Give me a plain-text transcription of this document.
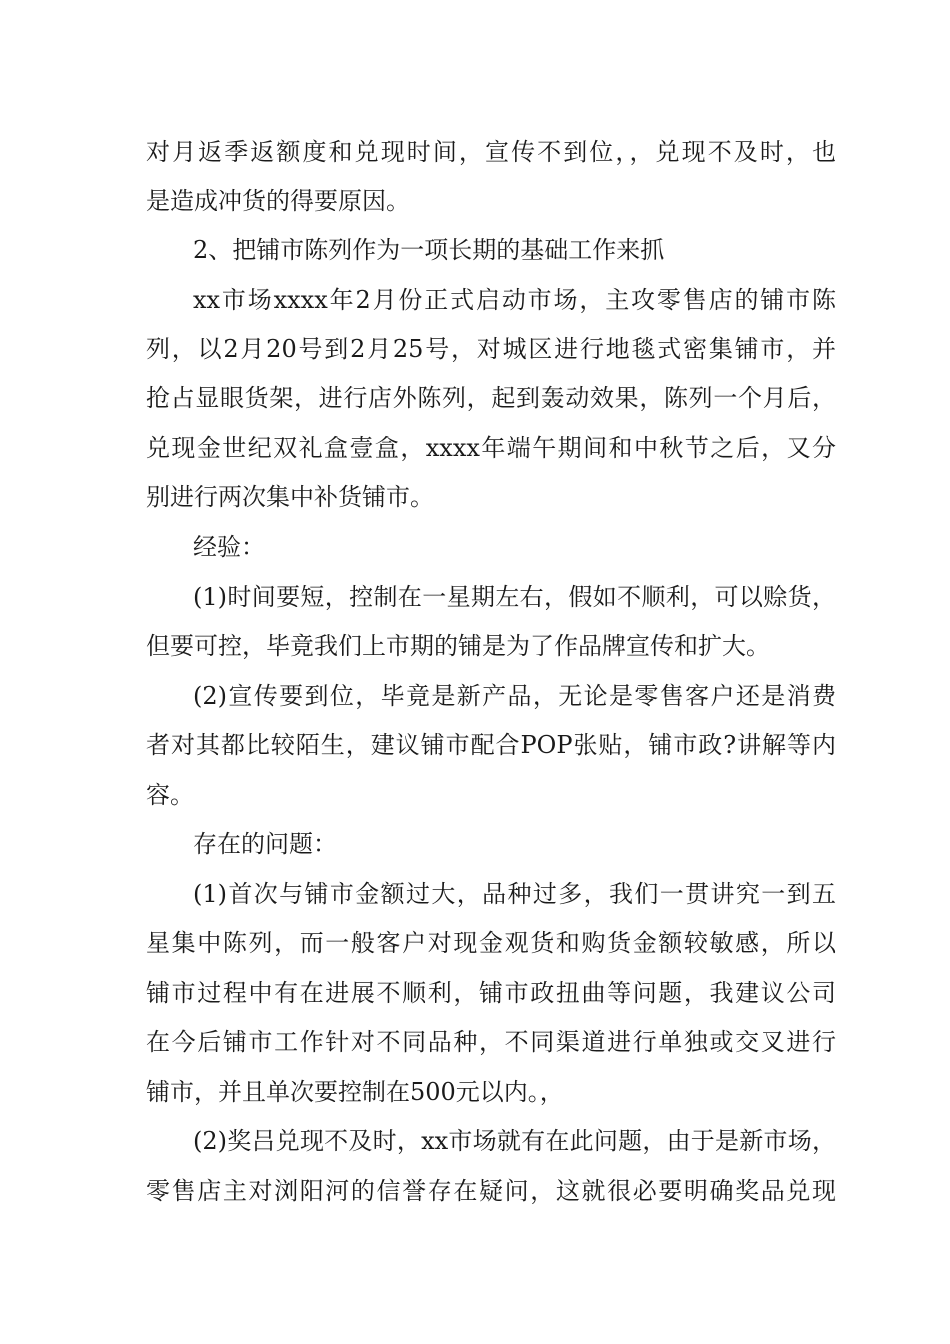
对月返季返额度和兑现时间，宣传不到位，，兑现不及时，也
是造成冲货的得要原因。
2、把铺市陈列作为一项长期的基础工作来抓
xx市场xxxx年2月份正式启动市场，主攻零售店的铺市陈
列，以2月20号到2月25号，对城区进行地毯式密集铺市，并
抢占显眼货架，进行店外陈列，起到轰动效果，陈列一个月后，
兑现金世纪双礼盒壹盒，xxxx年端午期间和中秋节之后，又分
别进行两次集中补货铺市。
经验：
(1)时间要短，控制在一星期左右，假如不顺利，可以赊货，
但要可控，毕竟我们上市期的铺是为了作品牌宣传和扩大。
(2)宣传要到位，毕竟是新产品，无论是零售客户还是消费
者对其都比较陌生，建议铺市配合POP张贴，铺市政?讲解等内
容。
存在的问题：
(1)首次与铺市金额过大，品种过多，我们一贯讲究一到五
星集中陈列，而一般客户对现金观货和购货金额较敏感，所以
铺市过程中有在进展不顺利，铺市政扭曲等问题，我建议公司
在今后铺市工作针对不同品种，不同渠道进行单独或交叉进行
铺市，并且单次要控制在500元以内。，
(2)奖吕兑现不及时，xx市场就有在此问题，由于是新市场，
零售店主对浏阳河的信誉存在疑问，这就很必要明确奖品兑现
